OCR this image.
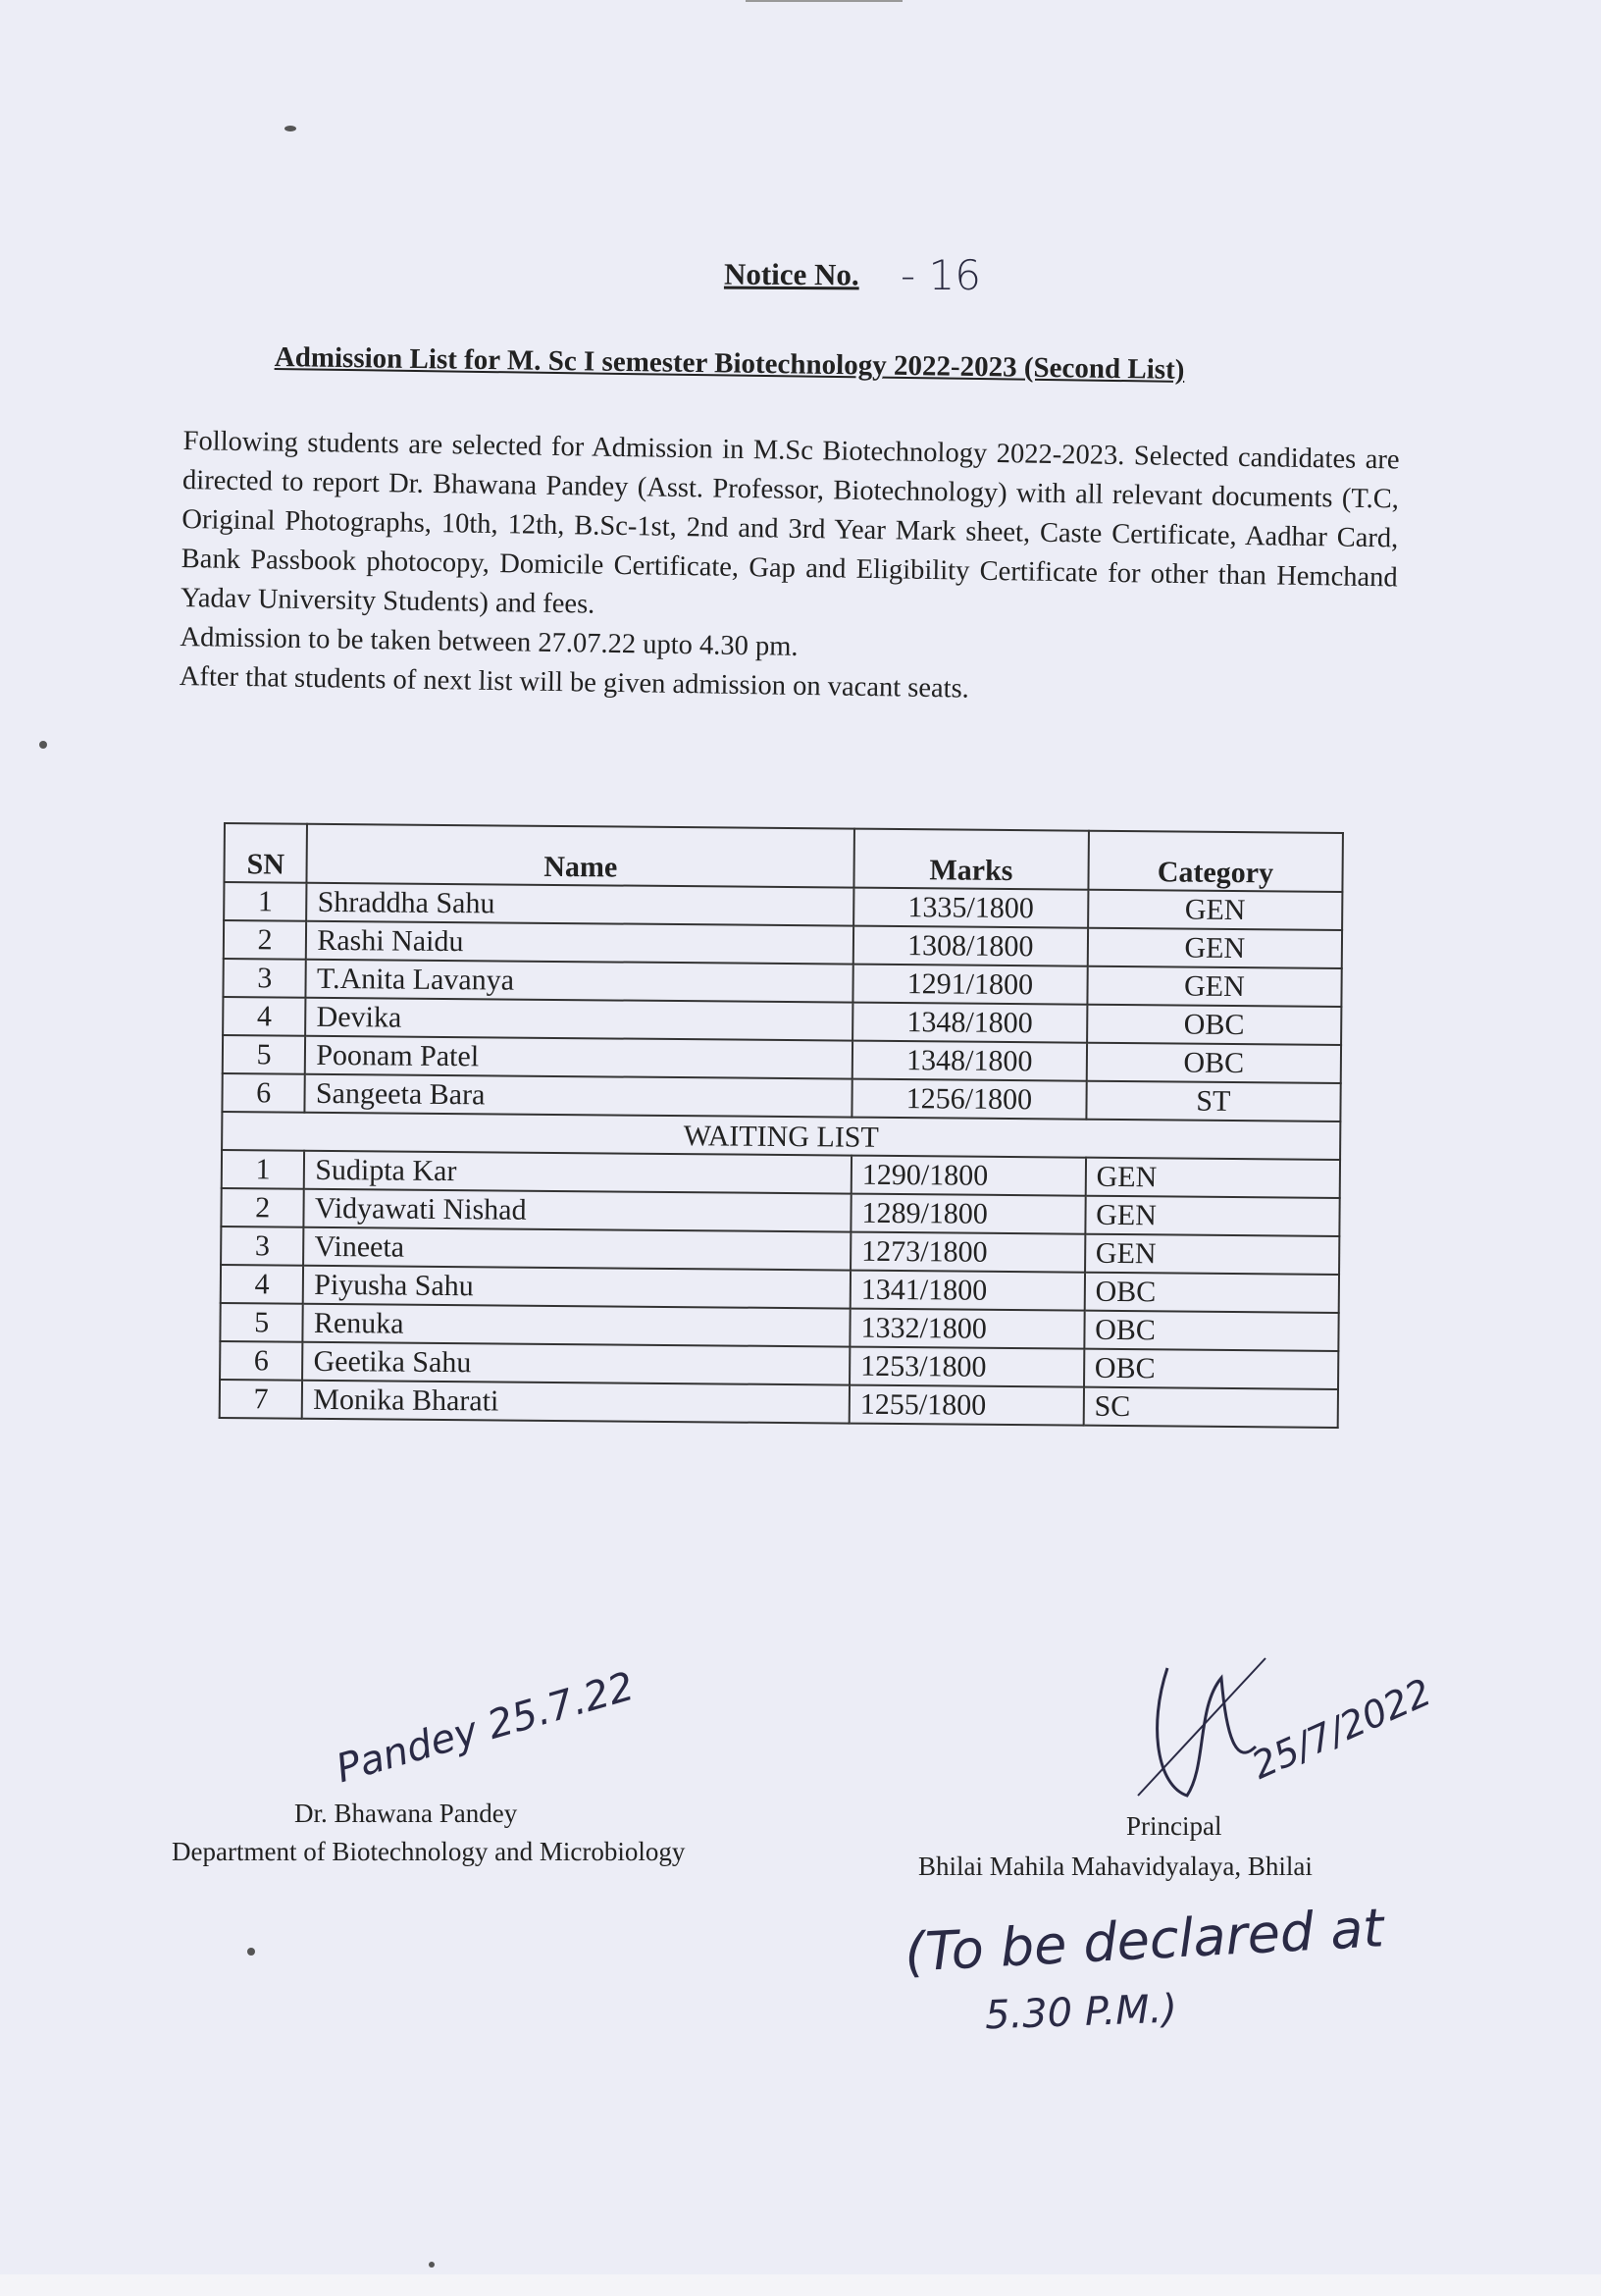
Notice No. - 16
Admission List for M. Sc I semester Biotechnology 2022-2023 (Second List)

Following students are selected for Admission in M.Sc Biotechnology 2022-2023. Selected candidates are directed to report Dr. Bhawana Pandey (Asst. Professor, Biotechnology) with all relevant documents (T.C, Original Photographs, 10th, 12th, B.Sc-1st, 2nd and 3rd Year Mark sheet, Caste Certificate, Aadhar Card, Bank Passbook photocopy, Domicile Certificate, Gap and Eligibility Certificate for other than Hemchand Yadav University Students) and fees.

Admission to be taken between 27.07.22 upto 4.30 pm.

After that students of next list will be given admission on vacant seats.

SN	Name	Marks	Category
1	Shraddha Sahu	1335/1800	GEN
2	Rashi Naidu	1308/1800	GEN
3	T.Anita Lavanya	1291/1800	GEN
4	Devika	1348/1800	OBC
5	Poonam Patel	1348/1800	OBC
6	Sangeeta Bara	1256/1800	ST
WAITING LIST			
1	Sudipta Kar	1290/1800	GEN
2	Vidyawati Nishad	1289/1800	GEN
3	Vineeta	1273/1800	GEN
4	Piyusha Sahu	1341/1800	OBC
5	Renuka	1332/1800	OBC
6	Geetika Sahu	1253/1800	OBC
7	Monika Bharati	1255/1800	SC
Pandey 25.7.22
Dr. Bhawana Pandey
Department of Biotechnology and Microbiology
25/7/2022
Principal
Bhilai Mahila Mahavidyalaya, Bhilai
(To be declared at
5.30 P.M.)
